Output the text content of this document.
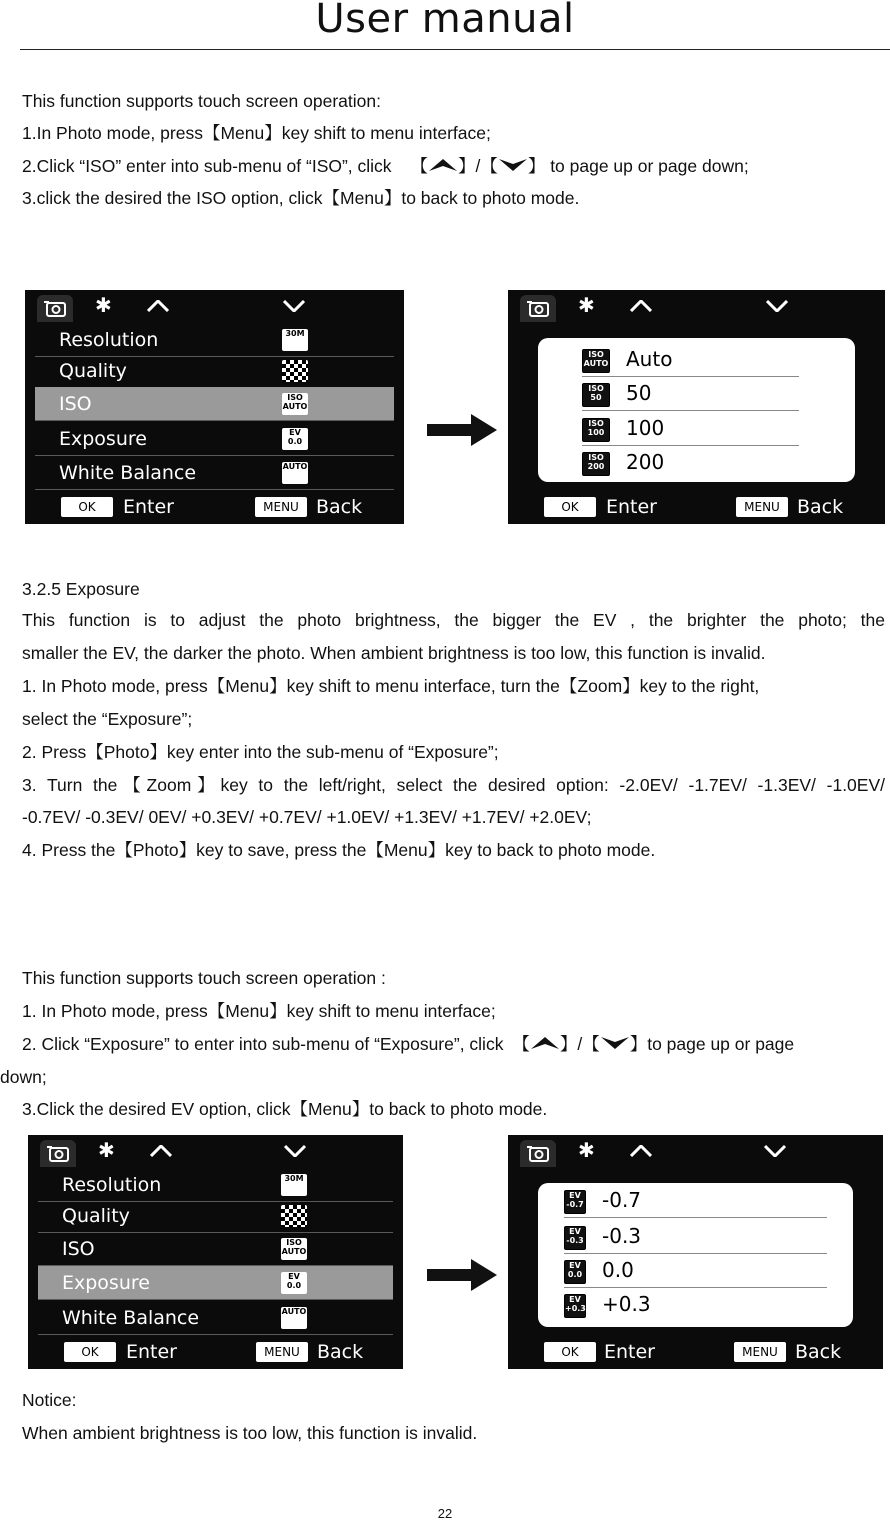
User manual
This function supports touch screen operation:
1.In Photo mode, press【Menu】key shift to menu interface;
2.Click “ISO” enter into sub-menu of “ISO”, click 【 】/【 】 to page up or page down;
3.click the desired the ISO option, click【Menu】to back to photo mode.
✱
Resolution	30M
Quality
ISO	ISO AUTO
Exposure	EV 0.0
White Balance	AUTO
OK	Enter	MENU Back
✱
ISO AUTO Auto
ISO 50 50
ISO 100 100
ISO 200 200
OK	Enter	MENU Back
3.2.5 Exposure
This function is to adjust the photo brightness, the bigger the EV , the brighter the photo; the
smaller the EV, the darker the photo. When ambient brightness is too low, this function is invalid.
1. In Photo mode, press【Menu】key shift to menu interface, turn the【Zoom】key to the right,
select the “Exposure”;
2. Press【Photo】key enter into the sub-menu of “Exposure”;
3. Turn the【Zoom】key to the left/right, select the desired option: -2.0EV/ -1.7EV/ -1.3EV/ -1.0EV/
-0.7EV/ -0.3EV/ 0EV/ +0.3EV/ +0.7EV/ +1.0EV/ +1.3EV/ +1.7EV/ +2.0EV;
4. Press the【Photo】key to save, press the【Menu】key to back to photo mode.
This function supports touch screen operation :
1. In Photo mode, press【Menu】key shift to menu interface;
2. Click “Exposure” to enter into sub-menu of “Exposure”, click 【 】/【 】to page up or page
down;
3.Click the desired EV option, click【Menu】to back to photo mode.
✱
Resolution	30M
Quality
ISO	ISO AUTO
Exposure	EV 0.0
White Balance	AUTO
OK	Enter	MENU Back
✱
EV -0.7 -0.7
EV -0.3 -0.3
EV 0.0 0.0
EV +0.3 +0.3
OK	Enter	MENU Back
Notice:
When ambient brightness is too low, this function is invalid.
22
